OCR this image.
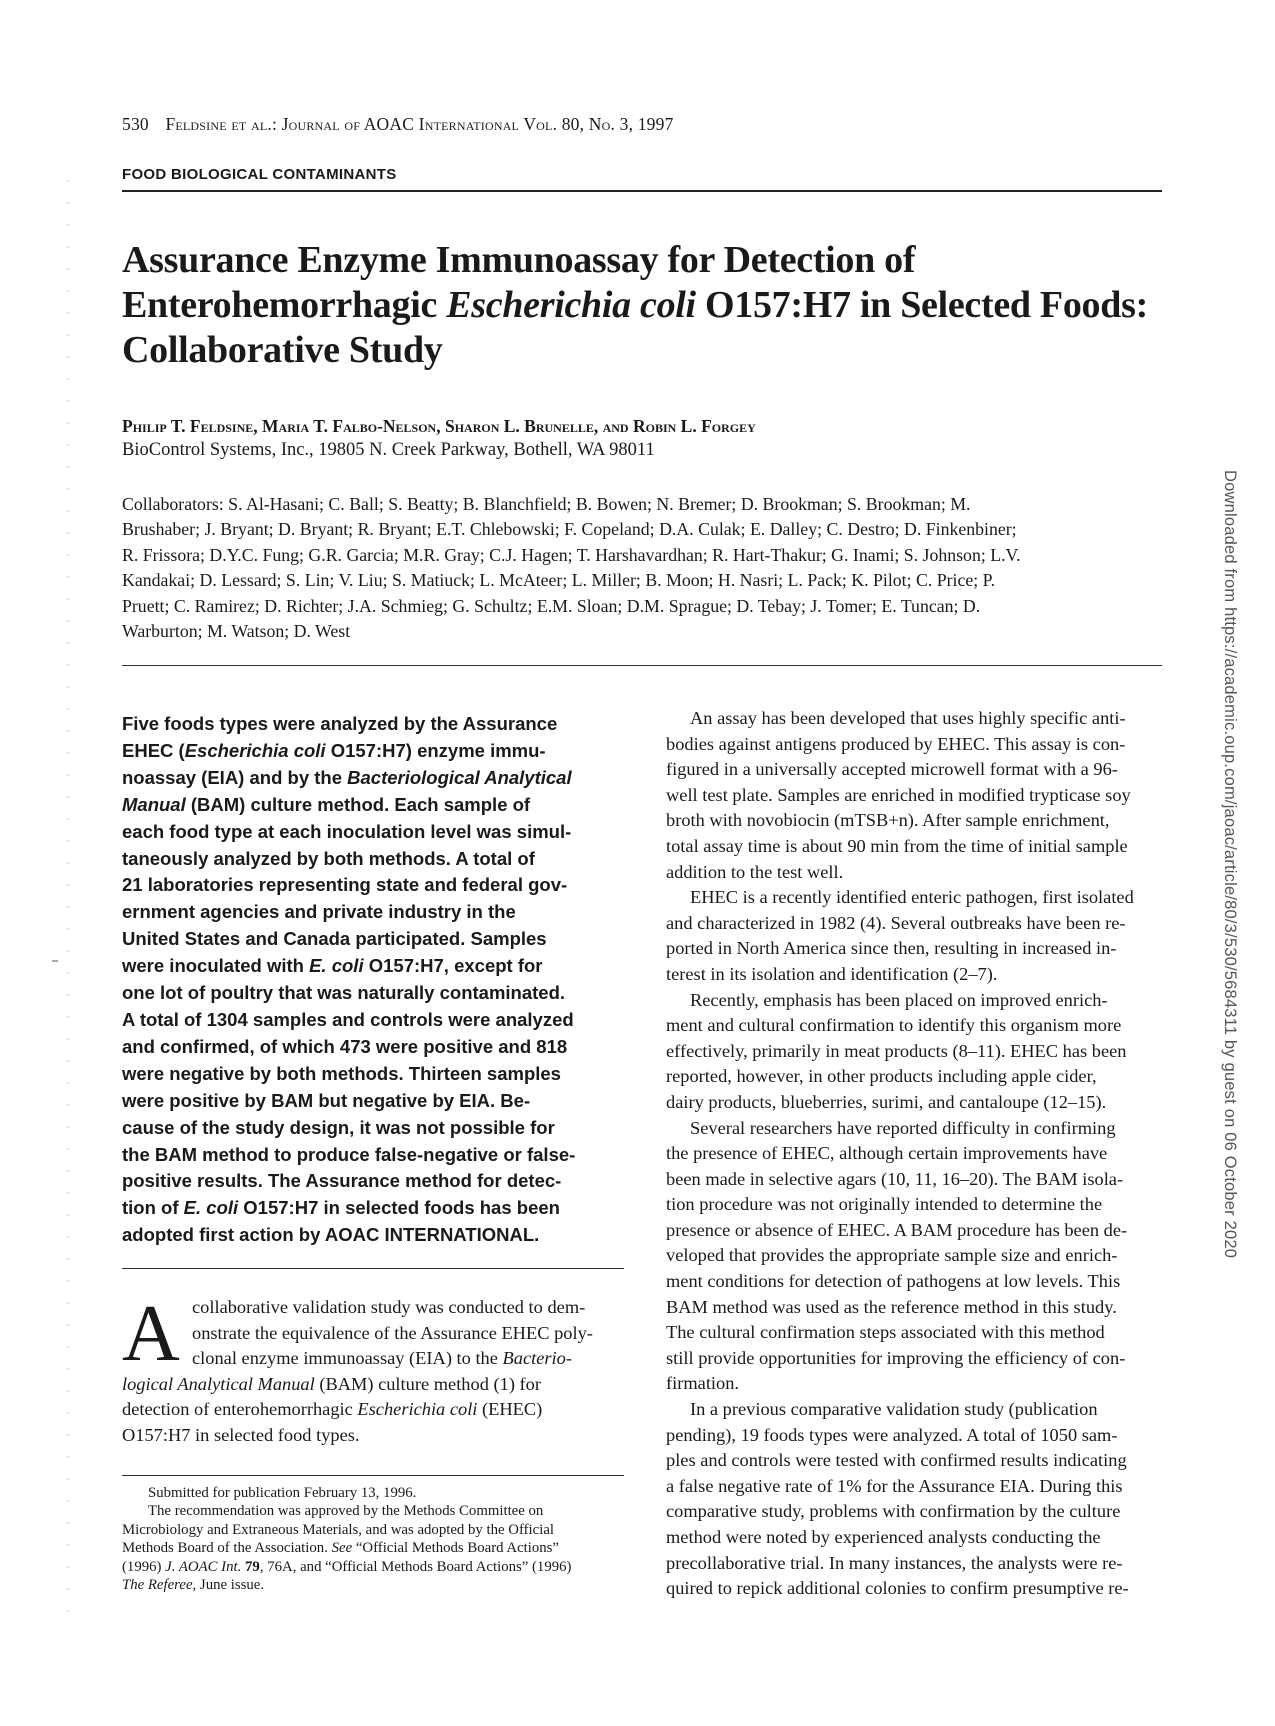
530 Feldsine et al.: Journal of AOAC International Vol. 80, No. 3, 1997
FOOD BIOLOGICAL CONTAMINANTS
Assurance Enzyme Immunoassay for Detection of
Enterohemorrhagic Escherichia coli O157:H7 in Selected Foods:
Collaborative Study
Philip T. Feldsine, Maria T. Falbo-Nelson, Sharon L. Brunelle, and Robin L. Forgey
BioControl Systems, Inc., 19805 N. Creek Parkway, Bothell, WA 98011
Collaborators: S. Al-Hasani; C. Ball; S. Beatty; B. Blanchfield; B. Bowen; N. Bremer; D. Brookman; S. Brookman; M.
Brushaber; J. Bryant; D. Bryant; R. Bryant; E.T. Chlebowski; F. Copeland; D.A. Culak; E. Dalley; C. Destro; D. Finkenbiner;
R. Frissora; D.Y.C. Fung; G.R. Garcia; M.R. Gray; C.J. Hagen; T. Harshavardhan; R. Hart-Thakur; G. Inami; S. Johnson; L.V.
Kandakai; D. Lessard; S. Lin; V. Liu; S. Matiuck; L. McAteer; L. Miller; B. Moon; H. Nasri; L. Pack; K. Pilot; C. Price; P.
Pruett; C. Ramirez; D. Richter; J.A. Schmieg; G. Schultz; E.M. Sloan; D.M. Sprague; D. Tebay; J. Tomer; E. Tuncan; D.
Warburton; M. Watson; D. West
Five foods types were analyzed by the Assurance
EHEC (Escherichia coli O157:H7) enzyme immu-
noassay (EIA) and by the Bacteriological Analytical
Manual (BAM) culture method. Each sample of
each food type at each inoculation level was simul-
taneously analyzed by both methods. A total of
21 laboratories representing state and federal gov-
ernment agencies and private industry in the
United States and Canada participated. Samples
were inoculated with E. coli O157:H7, except for
one lot of poultry that was naturally contaminated.
A total of 1304 samples and controls were analyzed
and confirmed, of which 473 were positive and 818
were negative by both methods. Thirteen samples
were positive by BAM but negative by EIA. Be-
cause of the study design, it was not possible for
the BAM method to produce false-negative or false-
positive results. The Assurance method for detec-
tion of E. coli O157:H7 in selected foods has been
adopted first action by AOAC INTERNATIONAL.
A collaborative validation study was conducted to dem-
onstrate the equivalence of the Assurance EHEC poly-
clonal enzyme immunoassay (EIA) to the Bacterio-
logical Analytical Manual (BAM) culture method (1) for
detection of enterohemorrhagic Escherichia coli (EHEC)
O157:H7 in selected food types.
Submitted for publication February 13, 1996.
The recommendation was approved by the Methods Committee on
Microbiology and Extraneous Materials, and was adopted by the Official
Methods Board of the Association. See “Official Methods Board Actions”
(1996) J. AOAC Int. 79, 76A, and “Official Methods Board Actions” (1996)
The Referee, June issue.
An assay has been developed that uses highly specific anti-
bodies against antigens produced by EHEC. This assay is con-
figured in a universally accepted microwell format with a 96-
well test plate. Samples are enriched in modified trypticase soy
broth with novobiocin (mTSB+n). After sample enrichment,
total assay time is about 90 min from the time of initial sample
addition to the test well.
EHEC is a recently identified enteric pathogen, first isolated
and characterized in 1982 (4). Several outbreaks have been re-
ported in North America since then, resulting in increased in-
terest in its isolation and identification (2–7).
Recently, emphasis has been placed on improved enrich-
ment and cultural confirmation to identify this organism more
effectively, primarily in meat products (8–11). EHEC has been
reported, however, in other products including apple cider,
dairy products, blueberries, surimi, and cantaloupe (12–15).
Several researchers have reported difficulty in confirming
the presence of EHEC, although certain improvements have
been made in selective agars (10, 11, 16–20). The BAM isola-
tion procedure was not originally intended to determine the
presence or absence of EHEC. A BAM procedure has been de-
veloped that provides the appropriate sample size and enrich-
ment conditions for detection of pathogens at low levels. This
BAM method was used as the reference method in this study.
The cultural confirmation steps associated with this method
still provide opportunities for improving the efficiency of con-
firmation.
In a previous comparative validation study (publication
pending), 19 foods types were analyzed. A total of 1050 sam-
ples and controls were tested with confirmed results indicating
a false negative rate of 1% for the Assurance EIA. During this
comparative study, problems with confirmation by the culture
method were noted by experienced analysts conducting the
precollaborative trial. In many instances, the analysts were re-
quired to repick additional colonies to confirm presumptive re-
Downloaded from https://academic.oup.com/jaoac/article/80/3/530/5684311 by guest on 06 October 2020
